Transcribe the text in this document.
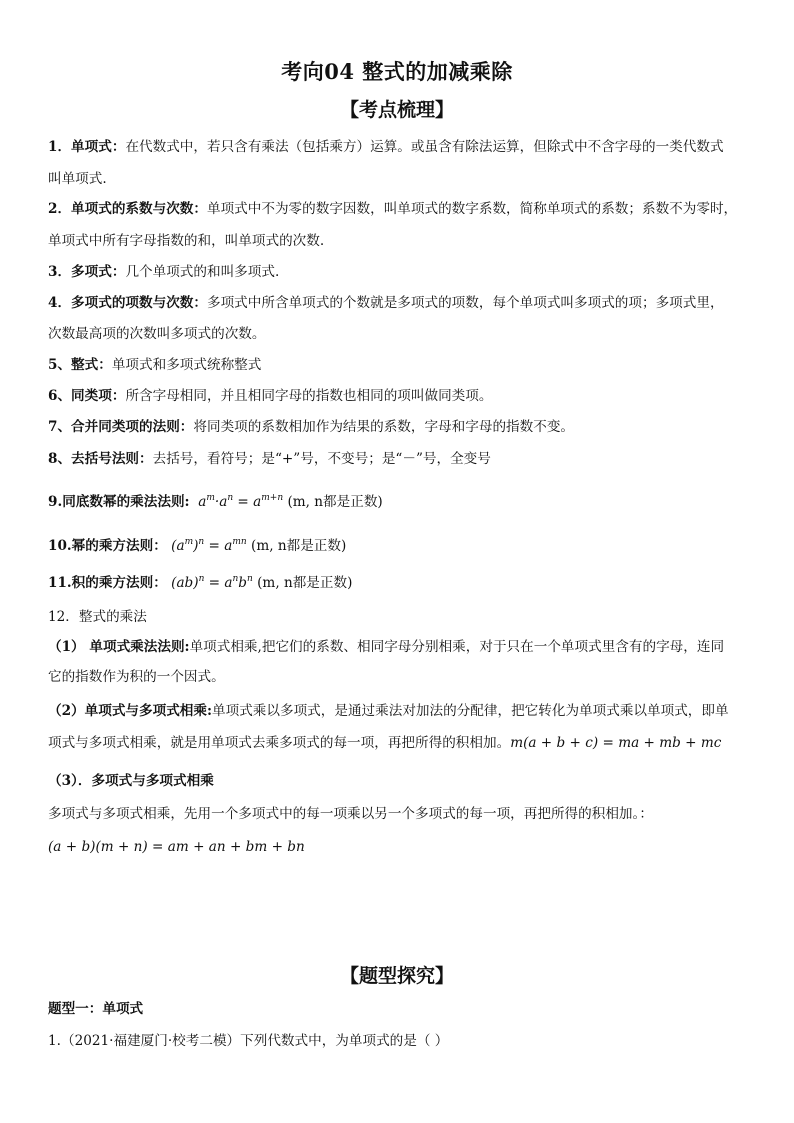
考向04 整式的加减乘除
【考点梳理】
1．单项式：在代数式中，若只含有乘法（包括乘方）运算。或虽含有除法运算，但除式中不含字母的一类代数式
叫单项式.
2．单项式的系数与次数：单项式中不为零的数字因数，叫单项式的数字系数，简称单项式的系数；系数不为零时，
单项式中所有字母指数的和，叫单项式的次数.
3．多项式：几个单项式的和叫多项式.
4．多项式的项数与次数：多项式中所含单项式的个数就是多项式的项数，每个单项式叫多项式的项；多项式里，
次数最高项的次数叫多项式的次数。
5、整式：单项式和多项式统称整式
6、同类项：所含字母相同，并且相同字母的指数也相同的项叫做同类项。
7、合并同类项的法则：将同类项的系数相加作为结果的系数，字母和字母的指数不变。
8、去括号法则：去括号，看符号；是“+”号，不变号；是“－”号，全变号
9.同底数幂的乘法法则:  $a^m\cdot a^n = a^{m+n}$ (m, n都是正数)
10.幂的乘方法则： $(a^m)^n = a^{mn}$ (m, n都是正数)
11.积的乘方法则： $(ab)^n = a^nb^n$ (m, n都是正数)
12．整式的乘法
（1） 单项式乘法法则:单项式相乘,把它们的系数、相同字母分别相乘，对于只在一个单项式里含有的字母，连同
它的指数作为积的一个因式。
（2）单项式与多项式相乘:单项式乘以多项式，是通过乘法对加法的分配律，把它转化为单项式乘以单项式，即单
项式与多项式相乘，就是用单项式去乘多项式的每一项，再把所得的积相加。m(a + b + c) = ma + mb + mc
（3）．多项式与多项式相乘
多项式与多项式相乘，先用一个多项式中的每一项乘以另一个多项式的每一项，再把所得的积相加。：
(a + b)(m + n) = am + an + bm + bn
【题型探究】
题型一：单项式
1.（2021·福建厦门·校考二模）下列代数式中，为单项式的是（ ）
